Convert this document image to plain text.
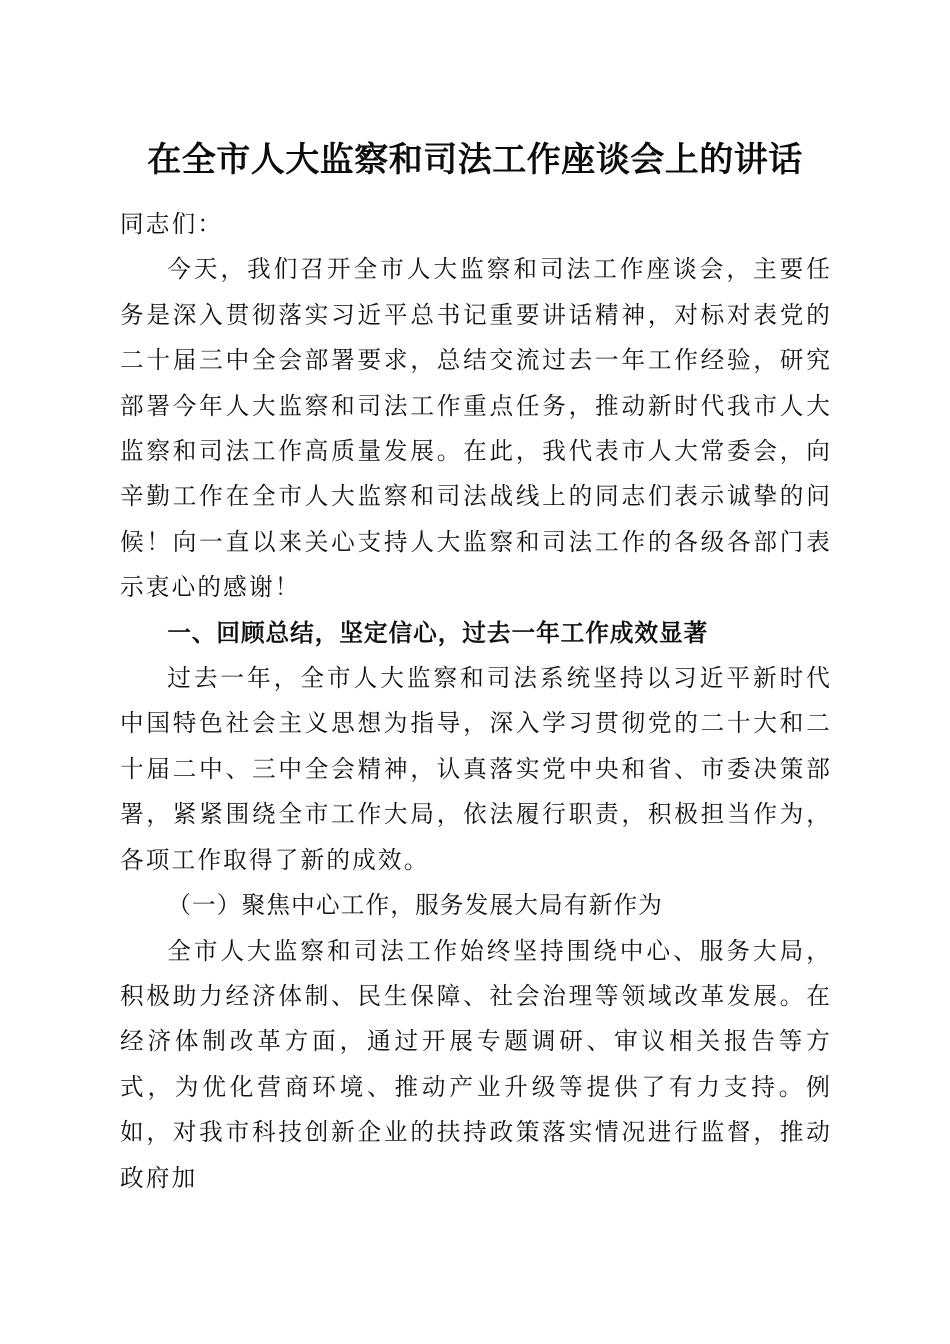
在全市人大监察和司法工作座谈会上的讲话

同志们：

今天，我们召开全市人大监察和司法工作座谈会，主要任务是深入贯彻落实习近平总书记重要讲话精神，对标对表党的二十届三中全会部署要求，总结交流过去一年工作经验，研究部署今年人大监察和司法工作重点任务，推动新时代我市人大监察和司法工作高质量发展。在此，我代表市人大常委会，向辛勤工作在全市人大监察和司法战线上的同志们表示诚挚的问候！向一直以来关心支持人大监察和司法工作的各级各部门表示衷心的感谢！

一、回顾总结，坚定信心，过去一年工作成效显著

过去一年，全市人大监察和司法系统坚持以习近平新时代中国特色社会主义思想为指导，深入学习贯彻党的二十大和二十届二中、三中全会精神，认真落实党中央和省、市委决策部署，紧紧围绕全市工作大局，依法履行职责，积极担当作为，各项工作取得了新的成效。

（一）聚焦中心工作，服务发展大局有新作为

全市人大监察和司法工作始终坚持围绕中心、服务大局，积极助力经济体制、民生保障、社会治理等领域改革发展。在经济体制改革方面，通过开展专题调研、审议相关报告等方式，为优化营商环境、推动产业升级等提供了有力支持。例如，对我市科技创新企业的扶持政策落实情况进行监督，推动政府加
